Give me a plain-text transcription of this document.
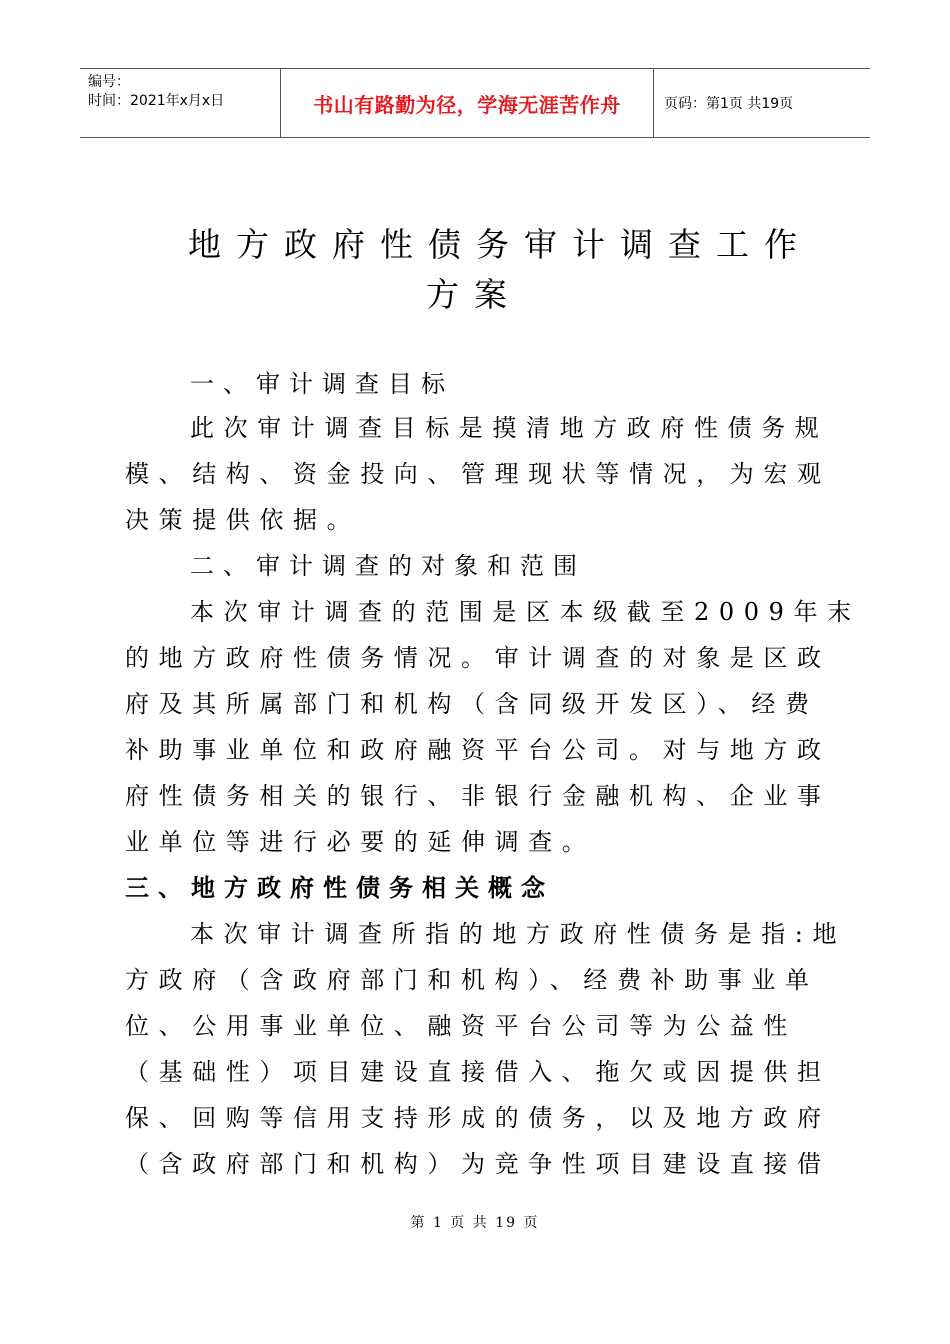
编号：
时间：2021年x月x日	书山有路勤为径，学海无涯苦作舟	页码：第1页 共19页
地方政府性债务审计调查工作
方案
一、审计调查目标
此次审计调查目标是摸清地方政府性债务规
模、结构、资金投向、管理现状等情况，为宏观
决策提供依据。
二、审计调查的对象和范围
本次审计调查的范围是区本级截至2009年末
的地方政府性债务情况。审计调查的对象是区政
府及其所属部门和机构（含同级开发区）、经费
补助事业单位和政府融资平台公司。对与地方政
府性债务相关的银行、非银行金融机构、企业事
业单位等进行必要的延伸调查。
三、地方政府性债务相关概念
本次审计调查所指的地方政府性债务是指:地
方政府（含政府部门和机构）、经费补助事业单
位、公用事业单位、融资平台公司等为公益性
（基础性）项目建设直接借入、拖欠或因提供担
保、回购等信用支持形成的债务，以及地方政府
（含政府部门和机构）为竞争性项目建设直接借
第 1 页 共 19 页
